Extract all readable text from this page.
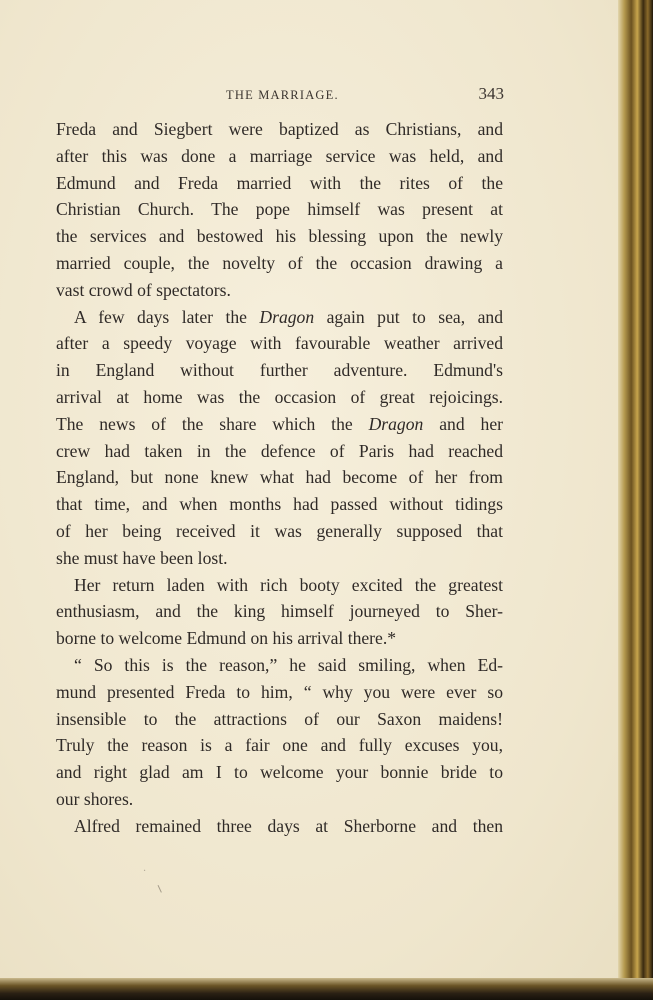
THE MARRIAGE.	343
Freda and Siegbert were baptized as Christians, and
after this was done a marriage service was held, and
Edmund and Freda married with the rites of the
Christian Church. The pope himself was present at
the services and bestowed his blessing upon the newly
married couple, the novelty of the occasion drawing a
vast crowd of spectators.
A few days later the Dragon again put to sea, and
after a speedy voyage with favourable weather arrived
in England without further adventure. Edmund's
arrival at home was the occasion of great rejoicings.
The news of the share which the Dragon and her
crew had taken in the defence of Paris had reached
England, but none knew what had become of her from
that time, and when months had passed without tidings
of her being received it was generally supposed that
she must have been lost.
Her return laden with rich booty excited the greatest
enthusiasm, and the king himself journeyed to Sher-
borne to welcome Edmund on his arrival there.*
“ So this is the reason,” he said smiling, when Ed-
mund presented Freda to him, “ why you were ever so
insensible to the attractions of our Saxon maidens!
Truly the reason is a fair one and fully excuses you,
and right glad am I to welcome your bonnie bride to
our shores.
Alfred remained three days at Sherborne and then
·
